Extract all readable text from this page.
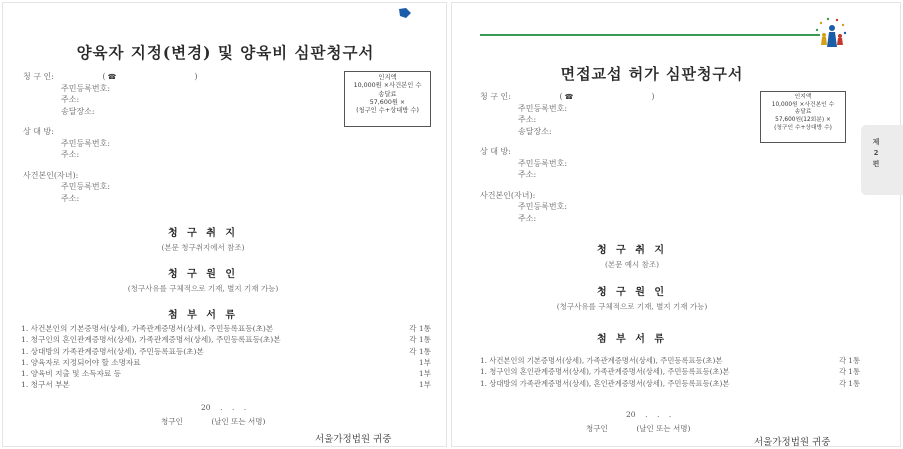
양육자 지정(변경) 및 양육비 심판청구서
청 구 인:	( ☎	)
주민등록번호:
주소:
송달장소:
상 대 방:
주민등록번호:
주소:
사건본인(자녀):
주민등록번호:
주소:
인지액
10,000원 ×사건본인 수
송달료
57,600원 ×
(청구인 수+상대방 수)
청 구 취 지
(본문 청구취지에서 참조)
청 구 원 인
(청구사유를 구체적으로 기재, 별지 기재 가능)
첨 부 서 류
1. 사건본인의 기본증명서(상세), 가족관계증명서(상세), 주민등록표등(초)본	각 1통
1. 청구인의 혼인관계증명서(상세), 가족관계증명서(상세), 주민등록표등(초)본	각 1통
1. 상대방의 가족관계증명서(상세), 주민등록표등(초)본	각 1통
1. 양육자로 지정되어야 할 소명자료	1부
1. 양육비 지출 및 소득자료 등	1부
1. 청구서 부본	1부
20    .    .    .
청구인            (날인 또는 서명)
서울가정법원 귀중
면접교섭 허가 심판청구서
청 구 인:	( ☎	)
주민등록번호:
주소:
송달장소:
상 대 방:
주민등록번호:
주소:
사건본인(자녀):
주민등록번호:
주소:
인지액
10,000원 ×사건본인 수
송달료
57,600원(12회분) ×
(청구인 수+상대방 수)
청 구 취 지
(본문 예시 참조)
청 구 원 인
(청구사유를 구체적으로 기재, 별지 기재 가능)
첨 부 서 류
1. 사건본인의 기본증명서(상세), 가족관계증명서(상세), 주민등록표등(초)본	각 1통
1. 청구인의 혼인관계증명서(상세), 가족관계증명서(상세), 주민등록표등(초)본	각 1통
1. 상대방의 가족관계증명서(상세), 혼인관계증명서(상세), 주민등록표등(초)본	각 1통
20    .    .    .
청구인            (날인 또는 서명)
서울가정법원 귀중
제
2
편
